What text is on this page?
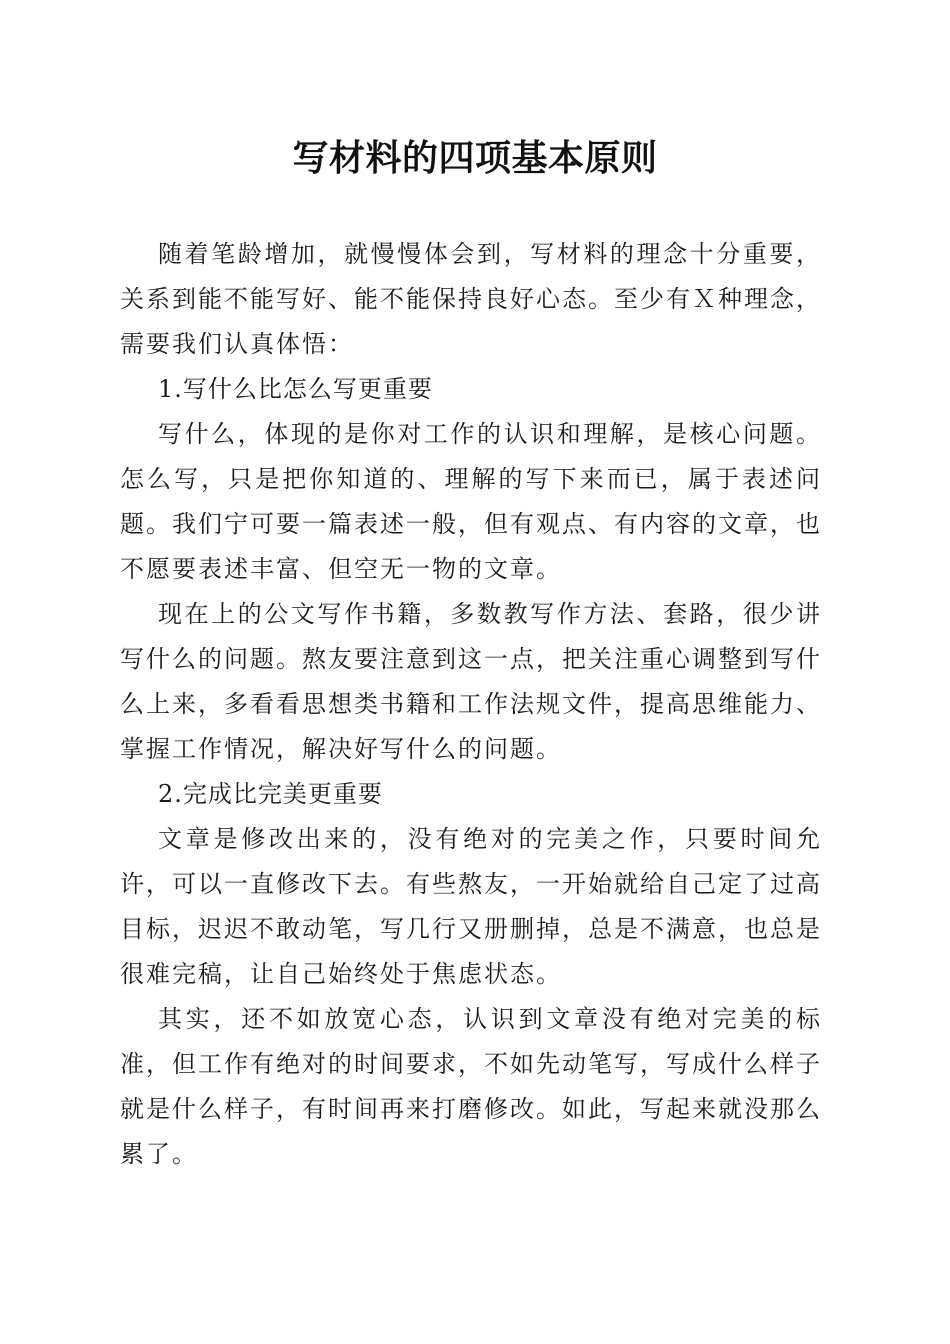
写材料的四项基本原则

随着笔龄增加，就慢慢体会到，写材料的理念十分重要，关系到能不能写好、能不能保持良好心态。至少有Ｘ种理念，需要我们认真体悟：

1.写什么比怎么写更重要

写什么，体现的是你对工作的认识和理解，是核心问题。怎么写，只是把你知道的、理解的写下来而已，属于表述问题。我们宁可要一篇表述一般，但有观点、有内容的文章，也不愿要表述丰富、但空无一物的文章。

现在上的公文写作书籍，多数教写作方法、套路，很少讲写什么的问题。熬友要注意到这一点，把关注重心调整到写什么上来，多看看思想类书籍和工作法规文件，提高思维能力、掌握工作情况，解决好写什么的问题。

2.完成比完美更重要

文章是修改出来的，没有绝对的完美之作，只要时间允许，可以一直修改下去。有些熬友，一开始就给自己定了过高目标，迟迟不敢动笔，写几行又册删掉，总是不满意，也总是很难完稿，让自己始终处于焦虑状态。

其实，还不如放宽心态，认识到文章没有绝对完美的标准，但工作有绝对的时间要求，不如先动笔写，写成什么样子就是什么样子，有时间再来打磨修改。如此，写起来就没那么累了。
